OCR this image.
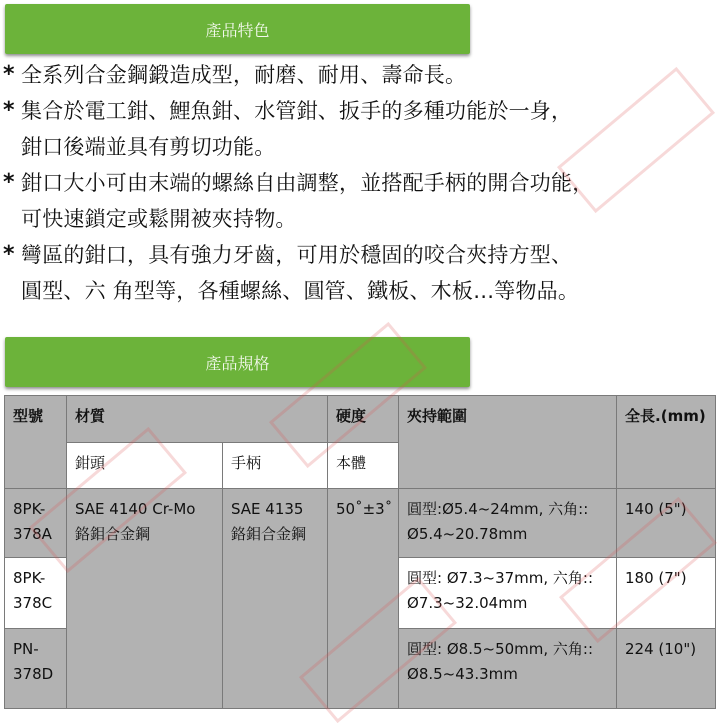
產品特色
* 全系列合金鋼鍛造成型，耐磨、耐用、壽命長。
* 集合於電工鉗、鯉魚鉗、水管鉗、扳手的多種功能於一身，
鉗口後端並具有剪切功能。
* 鉗口大小可由末端的螺絲自由調整，並搭配手柄的開合功能，
可快速鎖定或鬆開被夾持物。
* 彎區的鉗口，具有強力牙齒，可用於穩固的咬合夾持方型、
圓型、六 角型等，各種螺絲、圓管、鐵板、木板…等物品。
產品規格
型號	材質		硬度	夾持範圍	全長.(mm)
	鉗頭	手柄	本體		
8PK-378A	SAE 4140 Cr-Mo 鉻鉬合金鋼	SAE 4135 鉻鉬合金鋼	50˚±3˚	圓型:Ø5.4~24mm, 六角:: Ø5.4~20.78mm	140 (5")
8PK-378C				圓型: Ø7.3~37mm, 六角:: Ø7.3~32.04mm	180 (7")
PN-378D				圓型: Ø8.5~50mm, 六角:: Ø8.5~43.3mm	224 (10")
